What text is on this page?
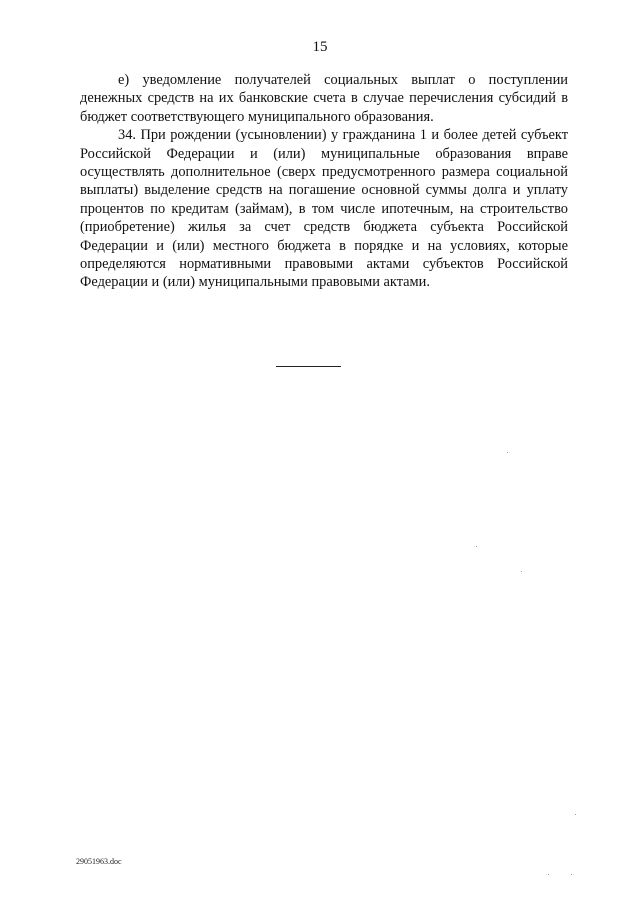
15

е) уведомление получателей социальных выплат о поступлении денежных средств на их банковские счета в случае перечисления субсидий в бюджет соответствующего муниципального образования.

34. При рождении (усыновлении) у гражданина 1 и более детей субъект Российской Федерации и (или) муниципальные образования вправе осуществлять дополнительное (сверх предусмотренного размера социальной выплаты) выделение средств на погашение основной суммы долга и уплату процентов по кредитам (займам), в том числе ипотечным, на строительство (приобретение) жилья за счет средств бюджета субъекта Российской Федерации и (или) местного бюджета в порядке и на условиях, которые определяются нормативными правовыми актами субъектов Российской Федерации и (или) муниципальными правовыми актами.

29051963.doc
